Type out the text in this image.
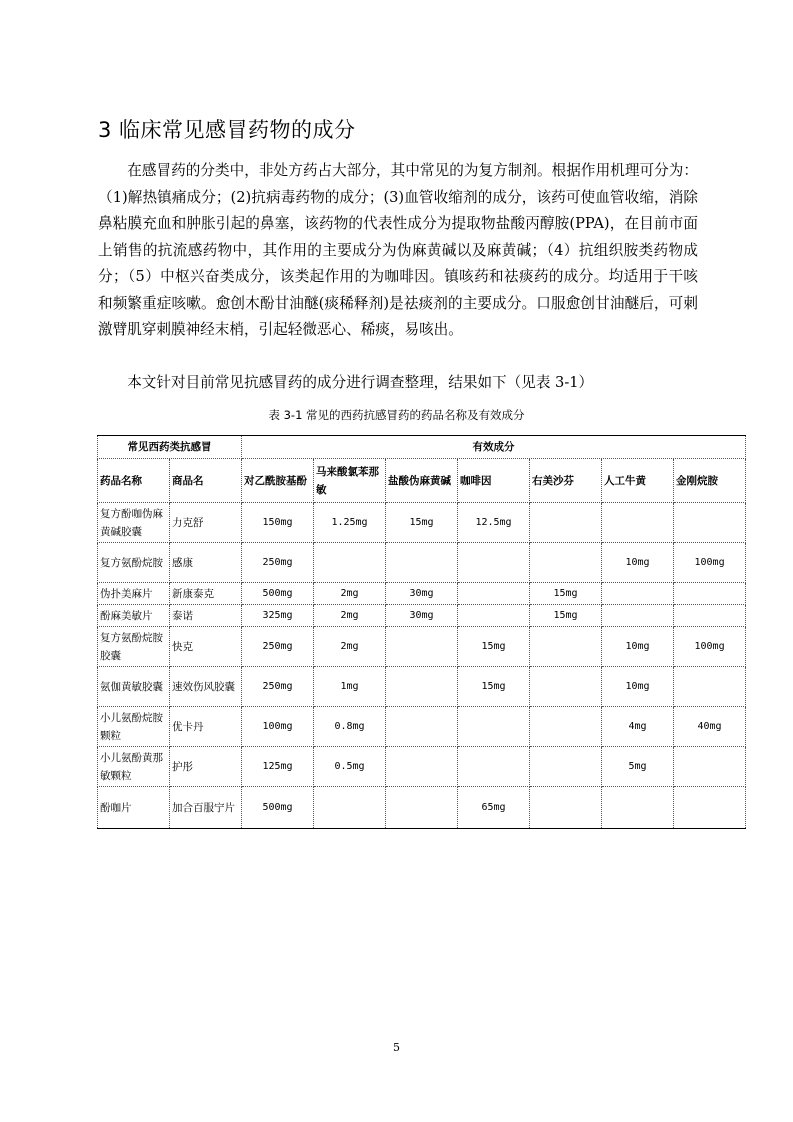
3 临床常见感冒药物的成分
在感冒药的分类中，非处方药占大部分，其中常见的为复方制剂。根据作用机理可分为：（1)解热镇痛成分；(2)抗病毒药物的成分；(3)血管收缩剂的成分，该药可使血管收缩，消除鼻粘膜充血和肿胀引起的鼻塞，该药物的代表性成分为提取物盐酸丙醇胺(PPA)，在目前市面上销售的抗流感药物中，其作用的主要成分为伪麻黄碱以及麻黄碱；（4）抗组织胺类药物成分；（5）中枢兴奋类成分，该类起作用的为咖啡因。镇咳药和祛痰药的成分。均适用于干咳和频繁重症咳嗽。愈创木酚甘油醚(痰稀释剂)是祛痰剂的主要成分。口服愈创甘油醚后，可刺激臂肌穿刺膜神经末梢，引起轻微恶心、稀痰，易咳出。
本文针对目前常见抗感冒药的成分进行调查整理，结果如下（见表 3-1）
表 3-1 常见的西药抗感冒药的药品名称及有效成分
常见西药类抗感冒		有效成分						
药品名称	商品名	对乙酰胺基酚	马来酸氯苯那敏	盐酸伪麻黄碱	咖啡因	右美沙芬	人工牛黄	金刚烷胺
复方酚咖伪麻黄碱胶囊	力克舒	150mg	1.25mg	15mg	12.5mg			
复方氨酚烷胺	感康	250mg					10mg	100mg
伪扑美麻片	新康泰克	500mg	2mg	30mg		15mg		
酚麻美敏片	泰诺	325mg	2mg	30mg		15mg		
复方氨酚烷胺胶囊	快克	250mg	2mg		15mg		10mg	100mg
氨伽黄敏胶囊	速效伤风胶囊	250mg	1mg		15mg		10mg	
小儿氨酚烷胺颗粒	优卡丹	100mg	0.8mg				4mg	40mg
小儿氨酚黄那敏颗粒	护彤	125mg	0.5mg				5mg	
酚咖片	加合百服宁片	500mg			65mg			
5
